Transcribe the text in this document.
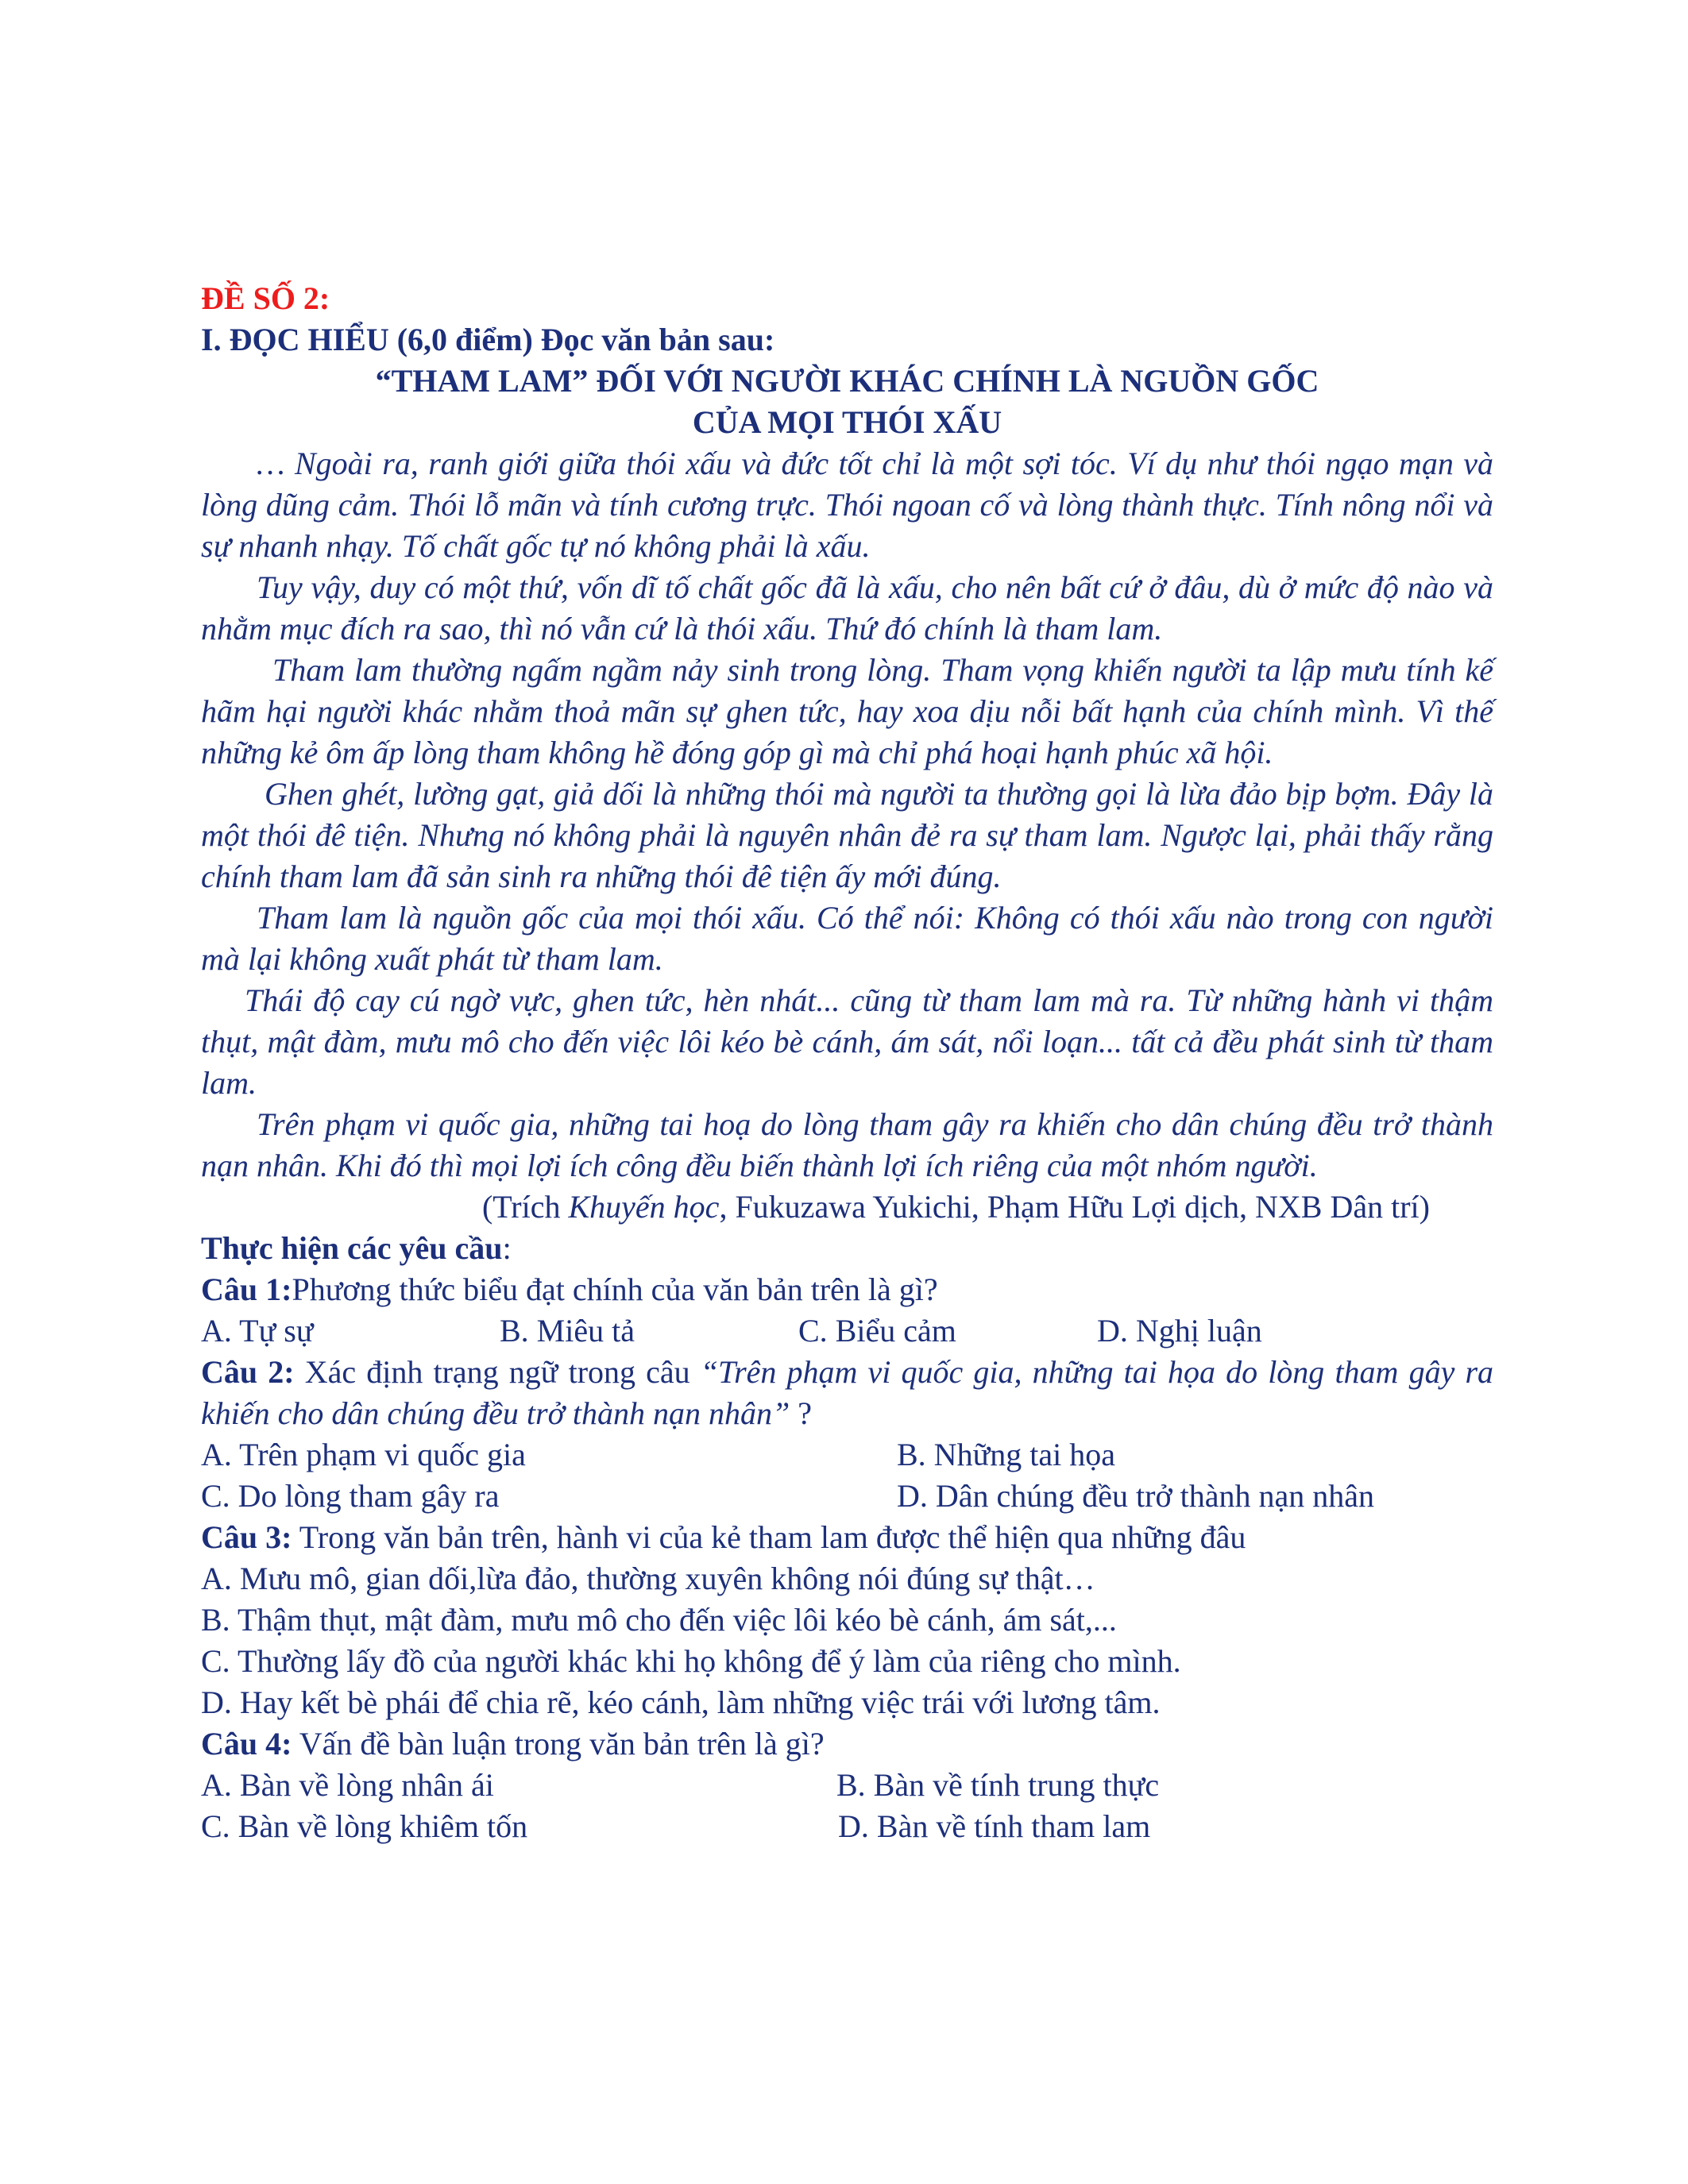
ĐỀ SỐ 2:
I. ĐỌC HIỂU (6,0 điểm) Đọc văn bản sau:
“THAM LAM” ĐỐI VỚI NGƯỜI KHÁC CHÍNH LÀ NGUỒN GỐC
CỦA MỌI THÓI XẤU
… Ngoài ra, ranh giới giữa thói xấu và đức tốt chỉ là một sợi tóc. Ví dụ như thói ngạo mạn và lòng dũng cảm. Thói lỗ mãn và tính cương trực. Thói ngoan cố và lòng thành thực. Tính nông nổi và sự nhanh nhạy. Tố chất gốc tự nó không phải là xấu.
Tuy vậy, duy có một thứ, vốn dĩ tố chất gốc đã là xấu, cho nên bất cứ ở đâu, dù ở mức độ nào và nhằm mục đích ra sao, thì nó vẫn cứ là thói xấu. Thứ đó chính là tham lam.
Tham lam thường ngấm ngầm nảy sinh trong lòng. Tham vọng khiến người ta lập mưu tính kế hãm hại người khác nhằm thoả mãn sự ghen tức, hay xoa dịu nỗi bất hạnh của chính mình. Vì thế những kẻ ôm ấp lòng tham không hề đóng góp gì mà chỉ phá hoại hạnh phúc xã hội.
Ghen ghét, lường gạt, giả dối là những thói mà người ta thường gọi là lừa đảo bịp bợm. Đây là một thói đê tiện. Nhưng nó không phải là nguyên nhân đẻ ra sự tham lam. Ngược lại, phải thấy rằng chính tham lam đã sản sinh ra những thói đê tiện ấy mới đúng.
Tham lam là nguồn gốc của mọi thói xấu. Có thể nói: Không có thói xấu nào trong con người mà lại không xuất phát từ tham lam.
Thái độ cay cú ngờ vực, ghen tức, hèn nhát... cũng từ tham lam mà ra. Từ những hành vi thậm thụt, mật đàm, mưu mô cho đến việc lôi kéo bè cánh, ám sát, nổi loạn... tất cả đều phát sinh từ tham lam.
Trên phạm vi quốc gia, những tai hoạ do lòng tham gây ra khiến cho dân chúng đều trở thành nạn nhân. Khi đó thì mọi lợi ích công đều biến thành lợi ích riêng của một nhóm người.
(Trích Khuyến học, Fukuzawa Yukichi, Phạm Hữu Lợi dịch, NXB Dân trí)
Thực hiện các yêu cầu:
Câu 1:Phương thức biểu đạt chính của văn bản trên là gì?
A. Tự sự	B. Miêu tả	C. Biểu cảm	D. Nghị luận
Câu 2: Xác định trạng ngữ trong câu “Trên phạm vi quốc gia, những tai họa do lòng tham gây ra khiến cho dân chúng đều trở thành nạn nhân” ?
A. Trên phạm vi quốc gia	B. Những tai họa
C. Do lòng tham gây ra	D. Dân chúng đều trở thành nạn nhân
Câu 3: Trong văn bản trên, hành vi của kẻ tham lam được thể hiện qua những đâu
A. Mưu mô, gian dối,lừa đảo, thường xuyên không nói đúng sự thật…
B. Thậm thụt, mật đàm, mưu mô cho đến việc lôi kéo bè cánh, ám sát,...
C. Thường lấy đồ của người khác khi họ không để ý làm của riêng cho mình.
D. Hay kết bè phái để chia rẽ, kéo cánh, làm những việc trái với lương tâm.
Câu 4: Vấn đề bàn luận trong văn bản trên là gì?
A. Bàn về lòng nhân ái	B. Bàn về tính trung thực
C. Bàn về lòng khiêm tốn	D. Bàn về tính tham lam
